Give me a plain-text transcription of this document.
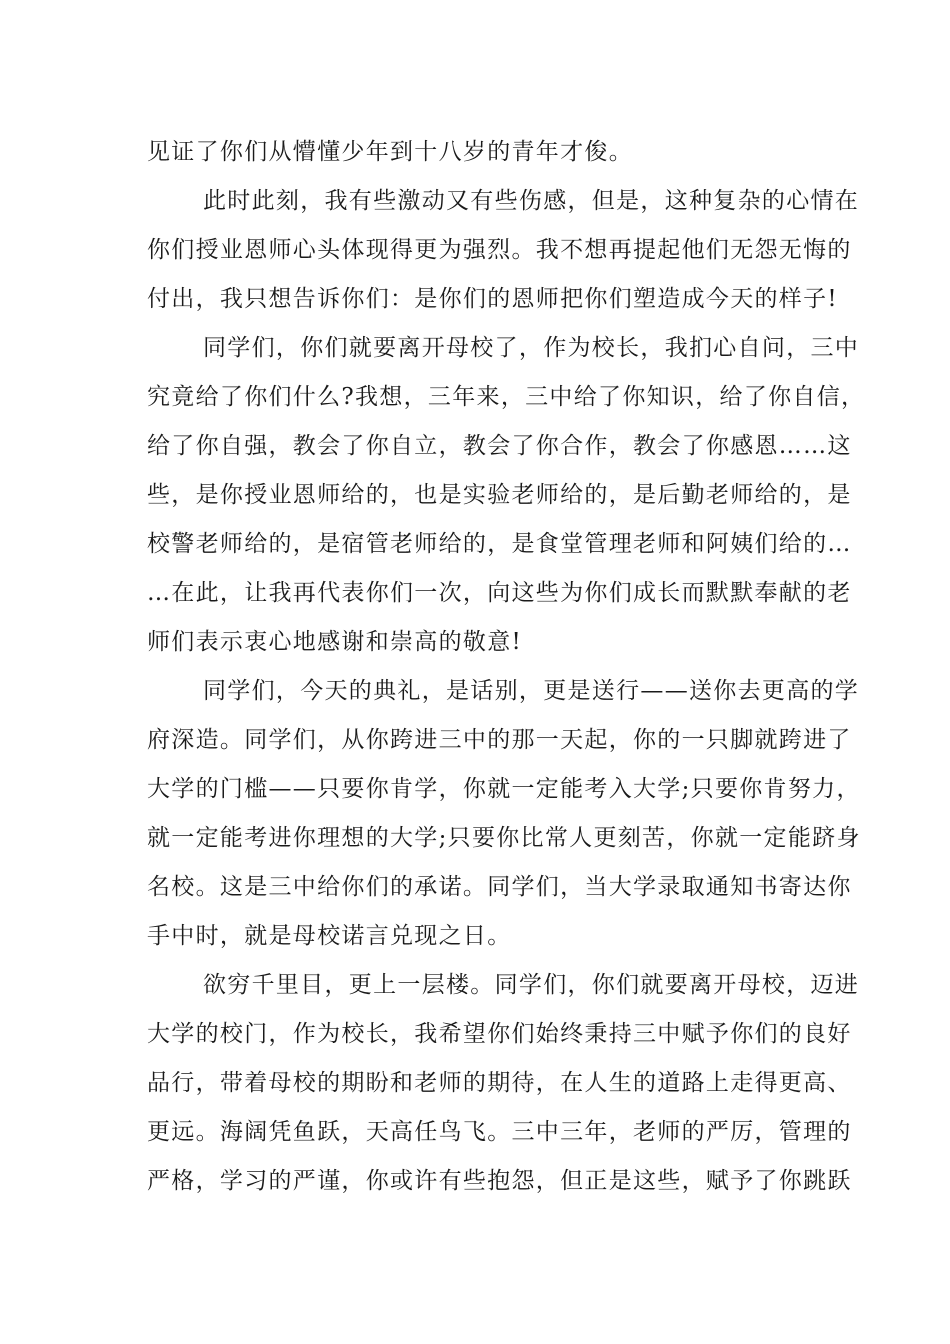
见证了你们从懵懂少年到十八岁的青年才俊。
此时此刻，我有些激动又有些伤感，但是，这种复杂的心情在
你们授业恩师心头体现得更为强烈。我不想再提起他们无怨无悔的
付出，我只想告诉你们：是你们的恩师把你们塑造成今天的样子!
同学们，你们就要离开母校了，作为校长，我扪心自问，三中
究竟给了你们什么?我想，三年来，三中给了你知识，给了你自信，
给了你自强，教会了你自立，教会了你合作，教会了你感恩……这
些，是你授业恩师给的，也是实验老师给的，是后勤老师给的，是
校警老师给的，是宿管老师给的，是食堂管理老师和阿姨们给的…
…在此，让我再代表你们一次，向这些为你们成长而默默奉献的老
师们表示衷心地感谢和崇高的敬意!
同学们，今天的典礼，是话别，更是送行——送你去更高的学
府深造。同学们，从你跨进三中的那一天起，你的一只脚就跨进了
大学的门槛——只要你肯学，你就一定能考入大学;只要你肯努力，
就一定能考进你理想的大学;只要你比常人更刻苦，你就一定能跻身
名校。这是三中给你们的承诺。同学们，当大学录取通知书寄达你
手中时，就是母校诺言兑现之日。
欲穷千里目，更上一层楼。同学们，你们就要离开母校，迈进
大学的校门，作为校长，我希望你们始终秉持三中赋予你们的良好
品行，带着母校的期盼和老师的期待，在人生的道路上走得更高、
更远。海阔凭鱼跃，天高任鸟飞。三中三年，老师的严厉，管理的
严格，学习的严谨，你或许有些抱怨，但正是这些，赋予了你跳跃
